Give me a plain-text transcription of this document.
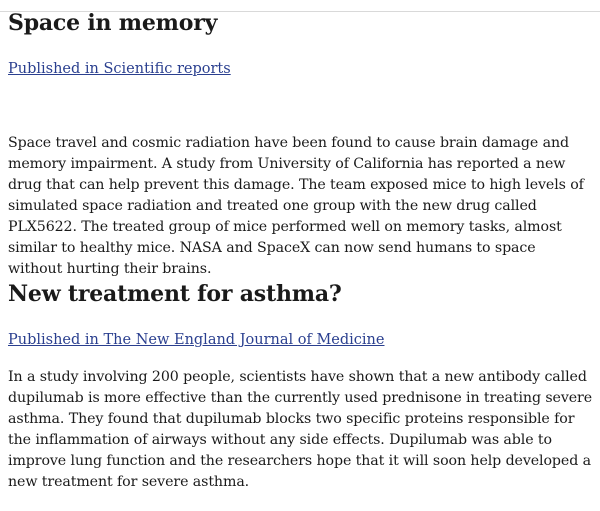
Space in memory
Published in Scientific reports

Space travel and cosmic radiation have been found to cause brain damage and memory impairment. A study from University of California has reported a new drug that can help prevent this damage. The team exposed mice to high levels of simulated space radiation and treated one group with the new drug called PLX5622. The treated group of mice performed well on memory tasks, almost similar to healthy mice. NASA and SpaceX can now send humans to space without hurting their brains.

New treatment for asthma?
Published in The New England Journal of Medicine

In a study involving 200 people, scientists have shown that a new antibody called dupilumab is more effective than the currently used prednisone in treating severe asthma. They found that dupilumab blocks two specific proteins responsible for the inflammation of airways without any side effects. Dupilumab was able to improve lung function and the researchers hope that it will soon help developed a new treatment for severe asthma.
